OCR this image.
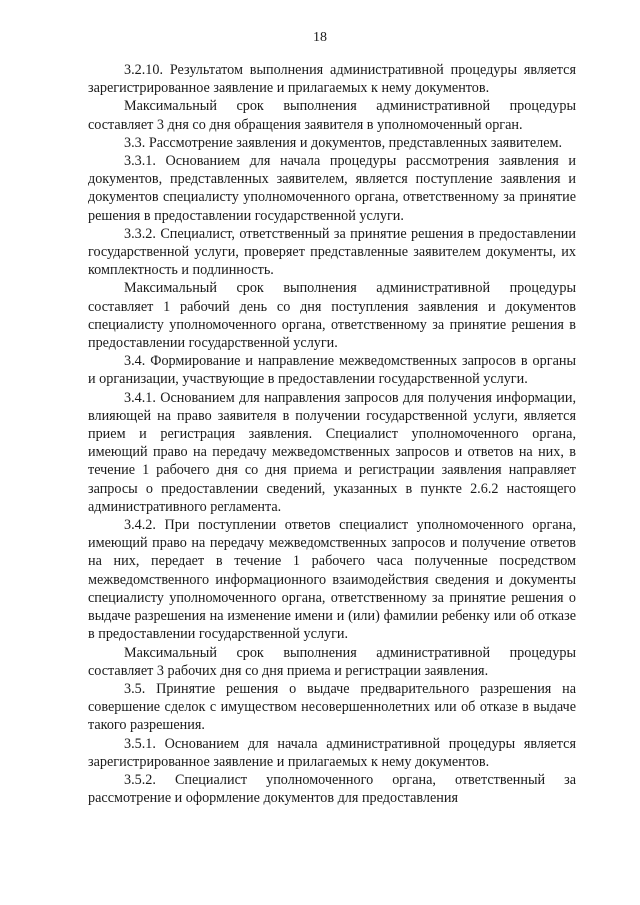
18

3.2.10. Результатом выполнения административной процедуры является зарегистрированное заявление и прилагаемых к нему документов.

Максимальный срок выполнения административной процедуры составляет 3 дня со дня обращения заявителя в уполномоченный орган.

3.3. Рассмотрение заявления и документов, представленных заявителем.

3.3.1. Основанием для начала процедуры рассмотрения заявления и документов, представленных заявителем, является поступление заявления и документов специалисту уполномоченного органа, ответственному за принятие решения в предоставлении государственной услуги.

3.3.2. Специалист, ответственный за принятие решения в предоставлении государственной услуги, проверяет представленные заявителем документы, их комплектность и подлинность.

Максимальный срок выполнения административной процедуры составляет 1 рабочий день со дня поступления заявления и документов специалисту уполномоченного органа, ответственному за принятие решения в предоставлении государственной услуги.

3.4. Формирование и направление межведомственных запросов в органы и организации, участвующие в предоставлении государственной услуги.

3.4.1. Основанием для направления запросов для получения информации, влияющей на право заявителя в получении государственной услуги, является прием и регистрация заявления. Специалист уполномоченного органа, имеющий право на передачу межведомственных запросов и ответов на них, в течение 1 рабочего дня со дня приема и регистрации заявления направляет запросы о предоставлении сведений, указанных в пункте 2.6.2 настоящего административного регламента.

3.4.2. При поступлении ответов специалист уполномоченного органа, имеющий право на передачу межведомственных запросов и получение ответов на них, передает в течение 1 рабочего часа полученные посредством межведомственного информационного взаимодействия сведения и документы специалисту уполномоченного органа, ответственному за принятие решения о выдаче разрешения на изменение имени и (или) фамилии ребенку или об отказе в предоставлении государственной услуги.

Максимальный срок выполнения административной процедуры составляет 3 рабочих дня со дня приема и регистрации заявления.

3.5. Принятие решения о выдаче предварительного разрешения на совершение сделок с имуществом несовершеннолетних или об отказе в выдаче такого разрешения.

3.5.1. Основанием для начала административной процедуры является зарегистрированное заявление и прилагаемых к нему документов.

3.5.2. Специалист уполномоченного органа, ответственный за рассмотрение и оформление документов для предоставления
